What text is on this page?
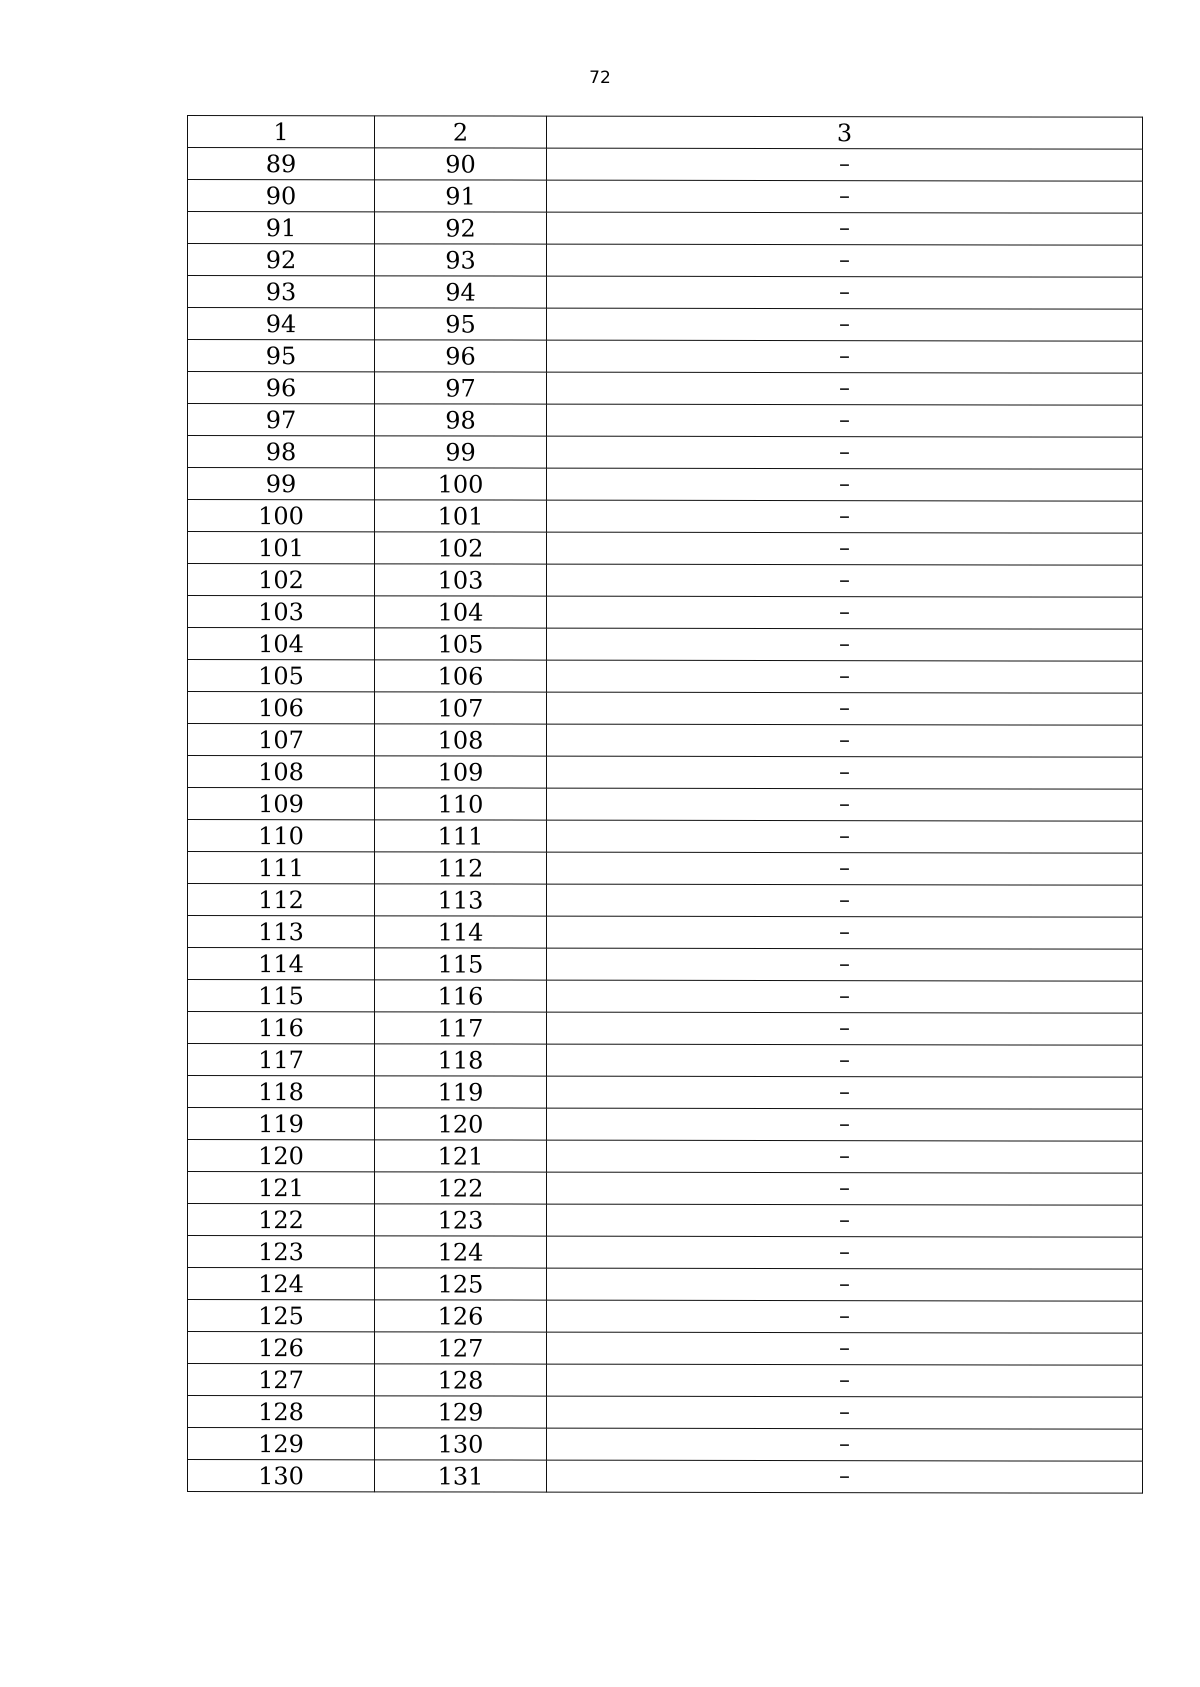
72
1	2	3
89	90	–
90	91	–
91	92	–
92	93	–
93	94	–
94	95	–
95	96	–
96	97	–
97	98	–
98	99	–
99	100	–
100	101	–
101	102	–
102	103	–
103	104	–
104	105	–
105	106	–
106	107	–
107	108	–
108	109	–
109	110	–
110	111	–
111	112	–
112	113	–
113	114	–
114	115	–
115	116	–
116	117	–
117	118	–
118	119	–
119	120	–
120	121	–
121	122	–
122	123	–
123	124	–
124	125	–
125	126	–
126	127	–
127	128	–
128	129	–
129	130	–
130	131	–
